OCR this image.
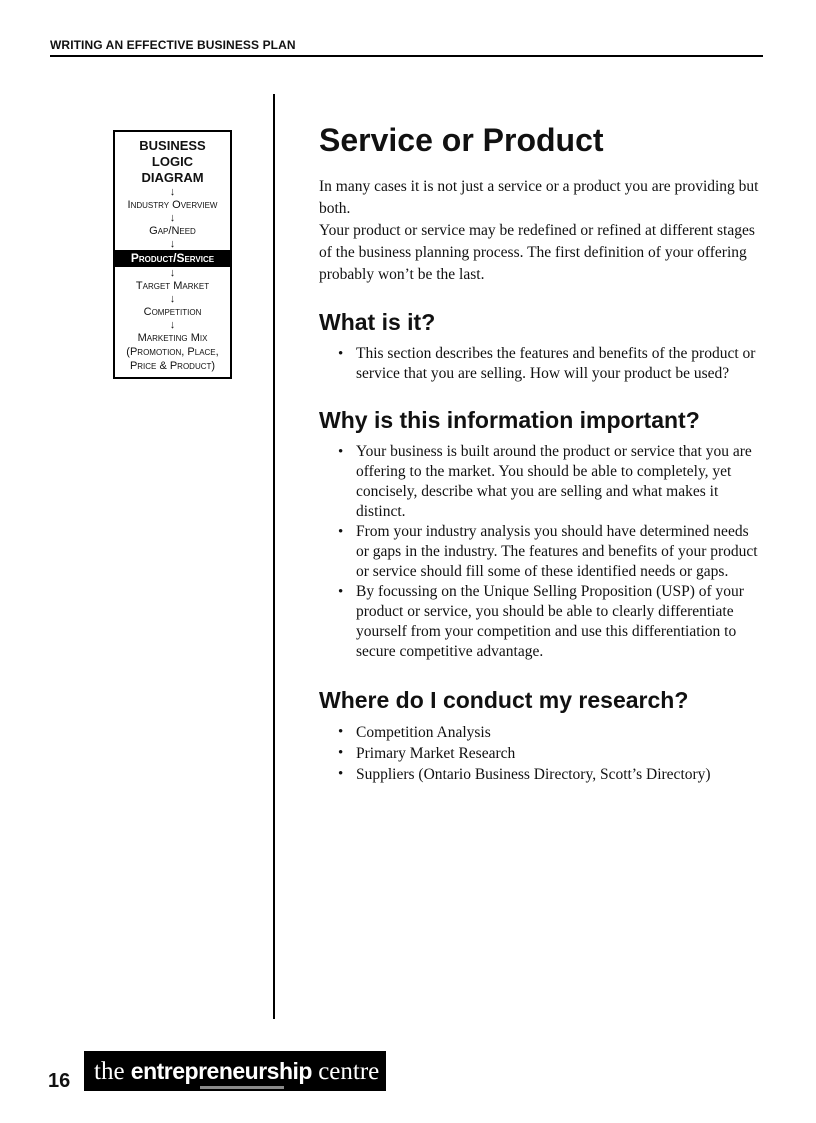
WRITING AN EFFECTIVE BUSINESS PLAN
BUSINESS LOGIC
DIAGRAM
↓
Industry Overview
↓
Gap/Need
↓
Product/Service
↓
Target Market
↓
Competition
↓
Marketing Mix
(Promotion, Place,
Price & Product)
Service or Product

In many cases it is not just a service or a product you are providing but both.

Your product or service may be redefined or refined at different stages of the business planning process. The first definition of your offering probably won’t be the last.

What is it?
• This section describes the features and benefits of the product or service that you are selling. How will your product be used?
Why is this information important?
• Your business is built around the product or service that you are offering to the market. You should be able to completely, yet concisely, describe what you are selling and what makes it distinct.
• From your industry analysis you should have determined needs or gaps in the industry. The features and benefits of your product or service should fill some of these identified needs or gaps.
• By focussing on the Unique Selling Proposition (USP) of your product or service, you should be able to clearly differentiate yourself from your competition and use this differentiation to secure competitive advantage.
Where do I conduct my research?
• Competition Analysis
• Primary Market Research
• Suppliers (Ontario Business Directory, Scott’s Directory)
16 the entrepreneurship centre
